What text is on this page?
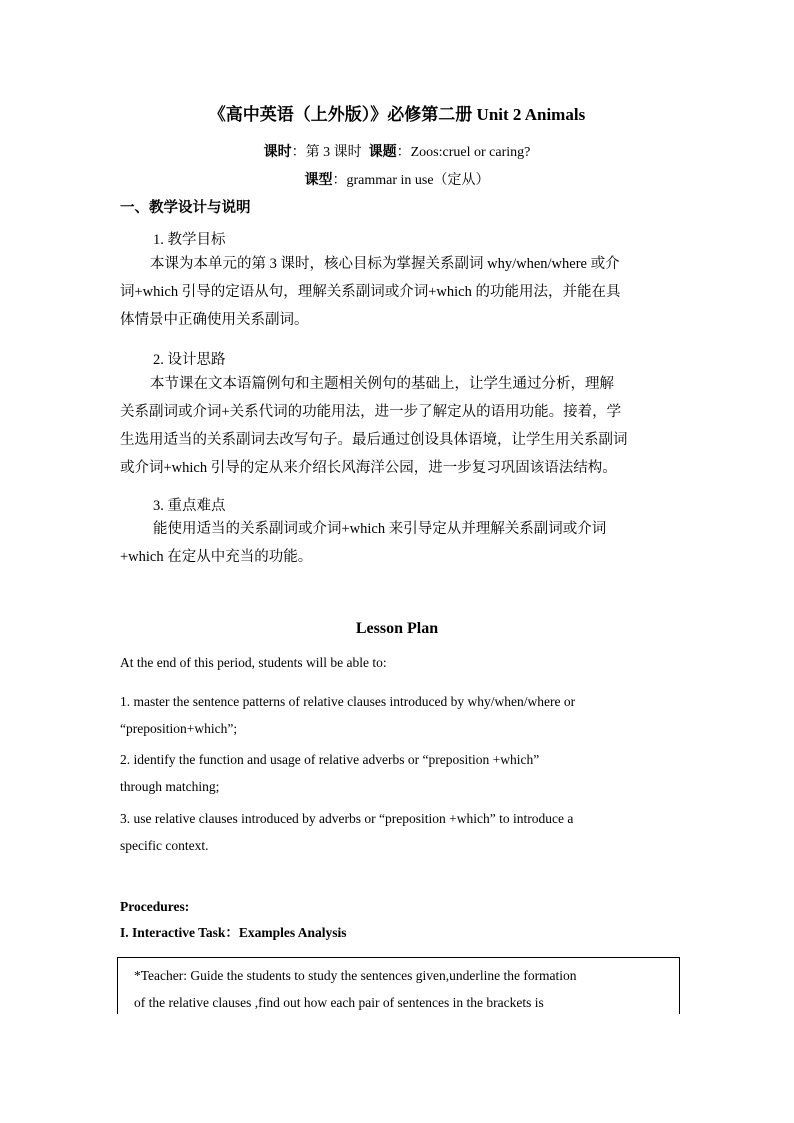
《高中英语（上外版）》必修第二册 Unit 2 Animals
课时：第 3 课时 课题：Zoos:cruel or caring?
课型：grammar in use（定从）
一、教学设计与说明
1. 教学目标
本课为本单元的第 3 课时，核心目标为掌握关系副词 why/when/where 或介
词+which 引导的定语从句，理解关系副词或介词+which 的功能用法，并能在具
体情景中正确使用关系副词。
2. 设计思路
本节课在文本语篇例句和主题相关例句的基础上，让学生通过分析，理解
关系副词或介词+关系代词的功能用法，进一步了解定从的语用功能。接着，学
生选用适当的关系副词去改写句子。最后通过创设具体语境，让学生用关系副词
或介词+which 引导的定从来介绍长风海洋公园，进一步复习巩固该语法结构。
3. 重点难点
能使用适当的关系副词或介词+which 来引导定从并理解关系副词或介词
+which 在定从中充当的功能。
Lesson Plan
At the end of this period, students will be able to:
1. master the sentence patterns of relative clauses introduced by why/when/where or
“preposition+which”;
2. identify the function and usage of relative adverbs or “preposition +which”
through matching;
3. use relative clauses introduced by adverbs or “preposition +which” to introduce a
specific context.
Procedures:
I. Interactive Task：Examples Analysis
*Teacher: Guide the students to study the sentences given,underline the formation
of the relative clauses ,find out how each pair of sentences in the brackets is
